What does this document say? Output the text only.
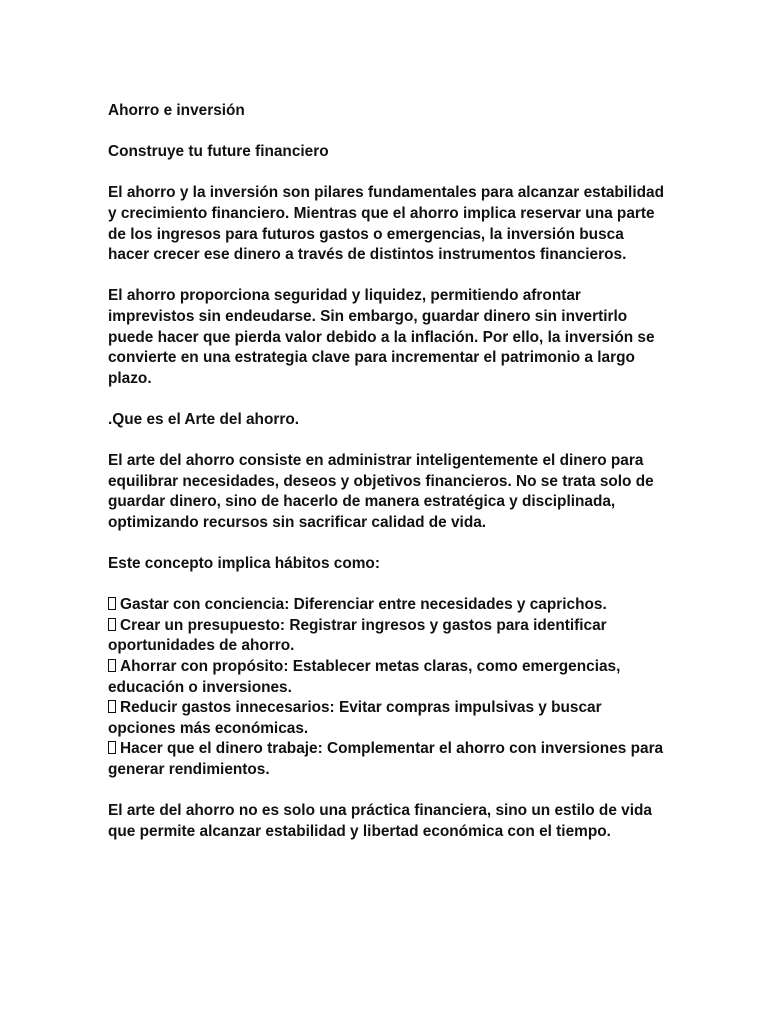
Ahorro e inversión

Construye tu future financiero

El ahorro y la inversión son pilares fundamentales para alcanzar estabilidad y crecimiento financiero. Mientras que el ahorro implica reservar una parte de los ingresos para futuros gastos o emergencias, la inversión busca hacer crecer ese dinero a través de distintos instrumentos financieros.

El ahorro proporciona seguridad y liquidez, permitiendo afrontar imprevistos sin endeudarse. Sin embargo, guardar dinero sin invertirlo puede hacer que pierda valor debido a la inflación. Por ello, la inversión se convierte en una estrategia clave para incrementar el patrimonio a largo plazo.

.Que es el Arte del ahorro.

El arte del ahorro consiste en administrar inteligentemente el dinero para equilibrar necesidades, deseos y objetivos financieros. No se trata solo de guardar dinero, sino de hacerlo de manera estratégica y disciplinada, optimizando recursos sin sacrificar calidad de vida.

Este concepto implica hábitos como:

Gastar con conciencia: Diferenciar entre necesidades y caprichos.
Crear un presupuesto: Registrar ingresos y gastos para identificar oportunidades de ahorro.
Ahorrar con propósito: Establecer metas claras, como emergencias, educación o inversiones.
Reducir gastos innecesarios: Evitar compras impulsivas y buscar opciones más económicas.
Hacer que el dinero trabaje: Complementar el ahorro con inversiones para generar rendimientos.

El arte del ahorro no es solo una práctica financiera, sino un estilo de vida que permite alcanzar estabilidad y libertad económica con el tiempo.
